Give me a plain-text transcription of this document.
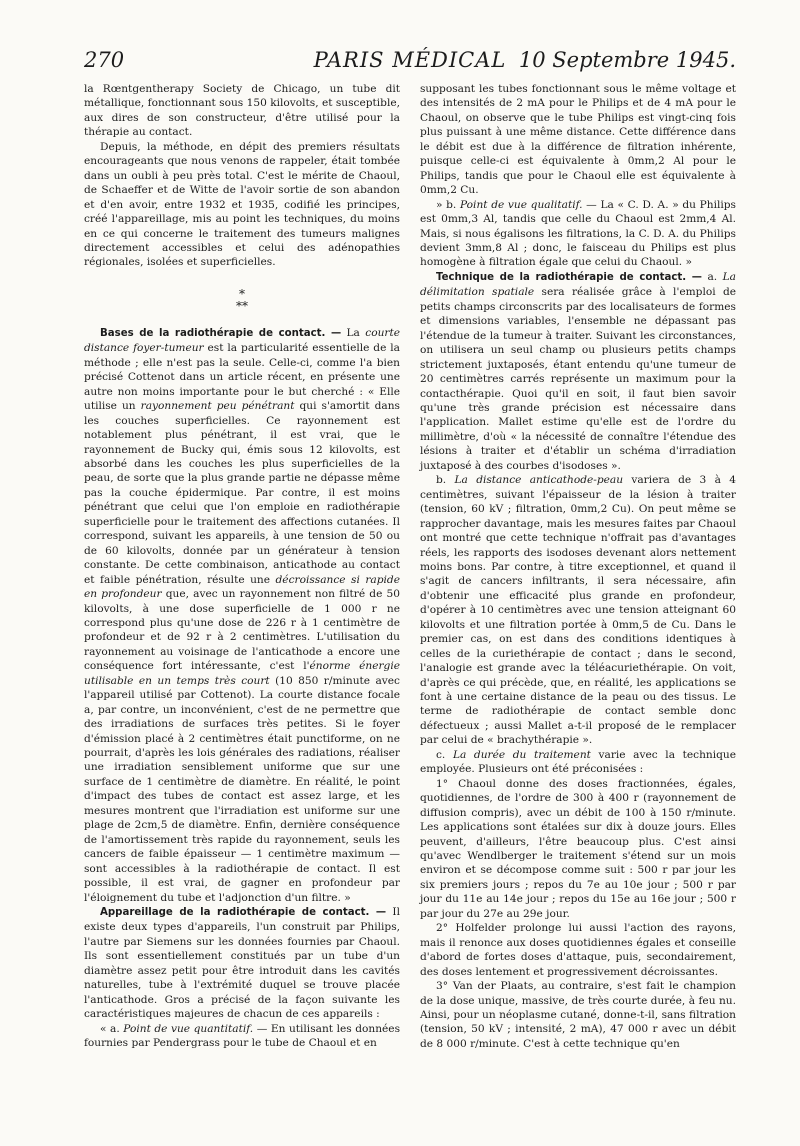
270	PARIS MÉDICAL 10 Septembre 1945.

la Rœntgentherapy Society de Chicago, un tube dit métallique, fonctionnant sous 150 kilovolts, et susceptible, aux dires de son constructeur, d'être utilisé pour la thérapie au contact.

Depuis, la méthode, en dépit des premiers résultats encourageants que nous venons de rappeler, était tombée dans un oubli à peu près total. C'est le mérite de Chaoul, de Schaeffer et de Witte de l'avoir sortie de son abandon et d'en avoir, entre 1932 et 1935, codifié les principes, créé l'appareillage, mis au point les techniques, du moins en ce qui concerne le traitement des tumeurs malignes directement accessibles et celui des adénopathies régionales, isolées et superficielles.

*
**

Bases de la radiothérapie de contact. — La courte distance foyer-tumeur est la particularité essentielle de la méthode ; elle n'est pas la seule. Celle-ci, comme l'a bien précisé Cottenot dans un article récent, en présente une autre non moins importante pour le but cherché : « Elle utilise un rayonnement peu pénétrant qui s'amortit dans les couches superficielles. Ce rayonnement est notablement plus pénétrant, il est vrai, que le rayonnement de Bucky qui, émis sous 12 kilovolts, est absorbé dans les couches les plus superficielles de la peau, de sorte que la plus grande partie ne dépasse même pas la couche épidermique. Par contre, il est moins pénétrant que celui que l'on emploie en radiothérapie superficielle pour le traitement des affections cutanées. Il correspond, suivant les appareils, à une tension de 50 ou de 60 kilovolts, donnée par un générateur à tension constante. De cette combinaison, anticathode au contact et faible pénétration, résulte une décroissance si rapide en profondeur que, avec un rayonnement non filtré de 50 kilovolts, à une dose superficielle de 1 000 r ne correspond plus qu'une dose de 226 r à 1 centimètre de profondeur et de 92 r à 2 centimètres. L'utilisation du rayonnement au voisinage de l'anticathode a encore une conséquence fort intéressante, c'est l'énorme énergie utilisable en un temps très court (10 850 r/minute avec l'appareil utilisé par Cottenot). La courte distance focale a, par contre, un inconvénient, c'est de ne permettre que des irradiations de surfaces très petites. Si le foyer d'émission placé à 2 centimètres était punctiforme, on ne pourrait, d'après les lois générales des radiations, réaliser une irradiation sensiblement uniforme que sur une surface de 1 centimètre de diamètre. En réalité, le point d'impact des tubes de contact est assez large, et les mesures montrent que l'irradiation est uniforme sur une plage de 2cm,5 de diamètre. Enfin, dernière conséquence de l'amortissement très rapide du rayonnement, seuls les cancers de faible épaisseur — 1 centimètre maximum — sont accessibles à la radiothérapie de contact. Il est possible, il est vrai, de gagner en profondeur par l'éloignement du tube et l'adjonction d'un filtre. »

Appareillage de la radiothérapie de contact. — Il existe deux types d'appareils, l'un construit par Philips, l'autre par Siemens sur les données fournies par Chaoul. Ils sont essentiellement constitués par un tube d'un diamètre assez petit pour être introduit dans les cavités naturelles, tube à l'extrémité duquel se trouve placée l'anticathode. Gros a précisé de la façon suivante les caractéristiques majeures de chacun de ces appareils :

« a. Point de vue quantitatif. — En utilisant les données fournies par Pendergrass pour le tube de Chaoul et en

supposant les tubes fonctionnant sous le même voltage et des intensités de 2 mA pour le Philips et de 4 mA pour le Chaoul, on observe que le tube Philips est vingt-cinq fois plus puissant à une même distance. Cette différence dans le débit est due à la différence de filtration inhérente, puisque celle-ci est équivalente à 0mm,2 Al pour le Philips, tandis que pour le Chaoul elle est équivalente à 0mm,2 Cu.

» b. Point de vue qualitatif. — La « C. D. A. » du Philips est 0mm,3 Al, tandis que celle du Chaoul est 2mm,4 Al. Mais, si nous égalisons les filtrations, la C. D. A. du Philips devient 3mm,8 Al ; donc, le faisceau du Philips est plus homogène à filtration égale que celui du Chaoul. »

Technique de la radiothérapie de contact. — a. La délimitation spatiale sera réalisée grâce à l'emploi de petits champs circonscrits par des localisateurs de formes et dimensions variables, l'ensemble ne dépassant pas l'étendue de la tumeur à traiter. Suivant les circonstances, on utilisera un seul champ ou plusieurs petits champs strictement juxtaposés, étant entendu qu'une tumeur de 20 centimètres carrés représente un maximum pour la contacthérapie. Quoi qu'il en soit, il faut bien savoir qu'une très grande précision est nécessaire dans l'application. Mallet estime qu'elle est de l'ordre du millimètre, d'où « la nécessité de connaître l'étendue des lésions à traiter et d'établir un schéma d'irradiation juxtaposé à des courbes d'isodoses ».

b. La distance anticathode-peau variera de 3 à 4 centimètres, suivant l'épaisseur de la lésion à traiter (tension, 60 kV ; filtration, 0mm,2 Cu). On peut même se rapprocher davantage, mais les mesures faites par Chaoul ont montré que cette technique n'offrait pas d'avantages réels, les rapports des isodoses devenant alors nettement moins bons. Par contre, à titre exceptionnel, et quand il s'agit de cancers infiltrants, il sera nécessaire, afin d'obtenir une efficacité plus grande en profondeur, d'opérer à 10 centimètres avec une tension atteignant 60 kilovolts et une filtration portée à 0mm,5 de Cu. Dans le premier cas, on est dans des conditions identiques à celles de la curiethérapie de contact ; dans le second, l'analogie est grande avec la téléacuriethérapie. On voit, d'après ce qui précède, que, en réalité, les applications se font à une certaine distance de la peau ou des tissus. Le terme de radiothérapie de contact semble donc défectueux ; aussi Mallet a-t-il proposé de le remplacer par celui de « brachythérapie ».

c. La durée du traitement varie avec la technique employée. Plusieurs ont été préconisées :

1° Chaoul donne des doses fractionnées, égales, quotidiennes, de l'ordre de 300 à 400 r (rayonnement de diffusion compris), avec un débit de 100 à 150 r/minute. Les applications sont étalées sur dix à douze jours. Elles peuvent, d'ailleurs, l'être beaucoup plus. C'est ainsi qu'avec Wendlberger le traitement s'étend sur un mois environ et se décompose comme suit : 500 r par jour les six premiers jours ; repos du 7e au 10e jour ; 500 r par jour du 11e au 14e jour ; repos du 15e au 16e jour ; 500 r par jour du 27e au 29e jour.

2° Holfelder prolonge lui aussi l'action des rayons, mais il renonce aux doses quotidiennes égales et conseille d'abord de fortes doses d'attaque, puis, secondairement, des doses lentement et progressivement décroissantes.

3° Van der Plaats, au contraire, s'est fait le champion de la dose unique, massive, de très courte durée, à feu nu. Ainsi, pour un néoplasme cutané, donne-t-il, sans filtration (tension, 50 kV ; intensité, 2 mA), 47 000 r avec un débit de 8 000 r/minute. C'est à cette technique qu'en
